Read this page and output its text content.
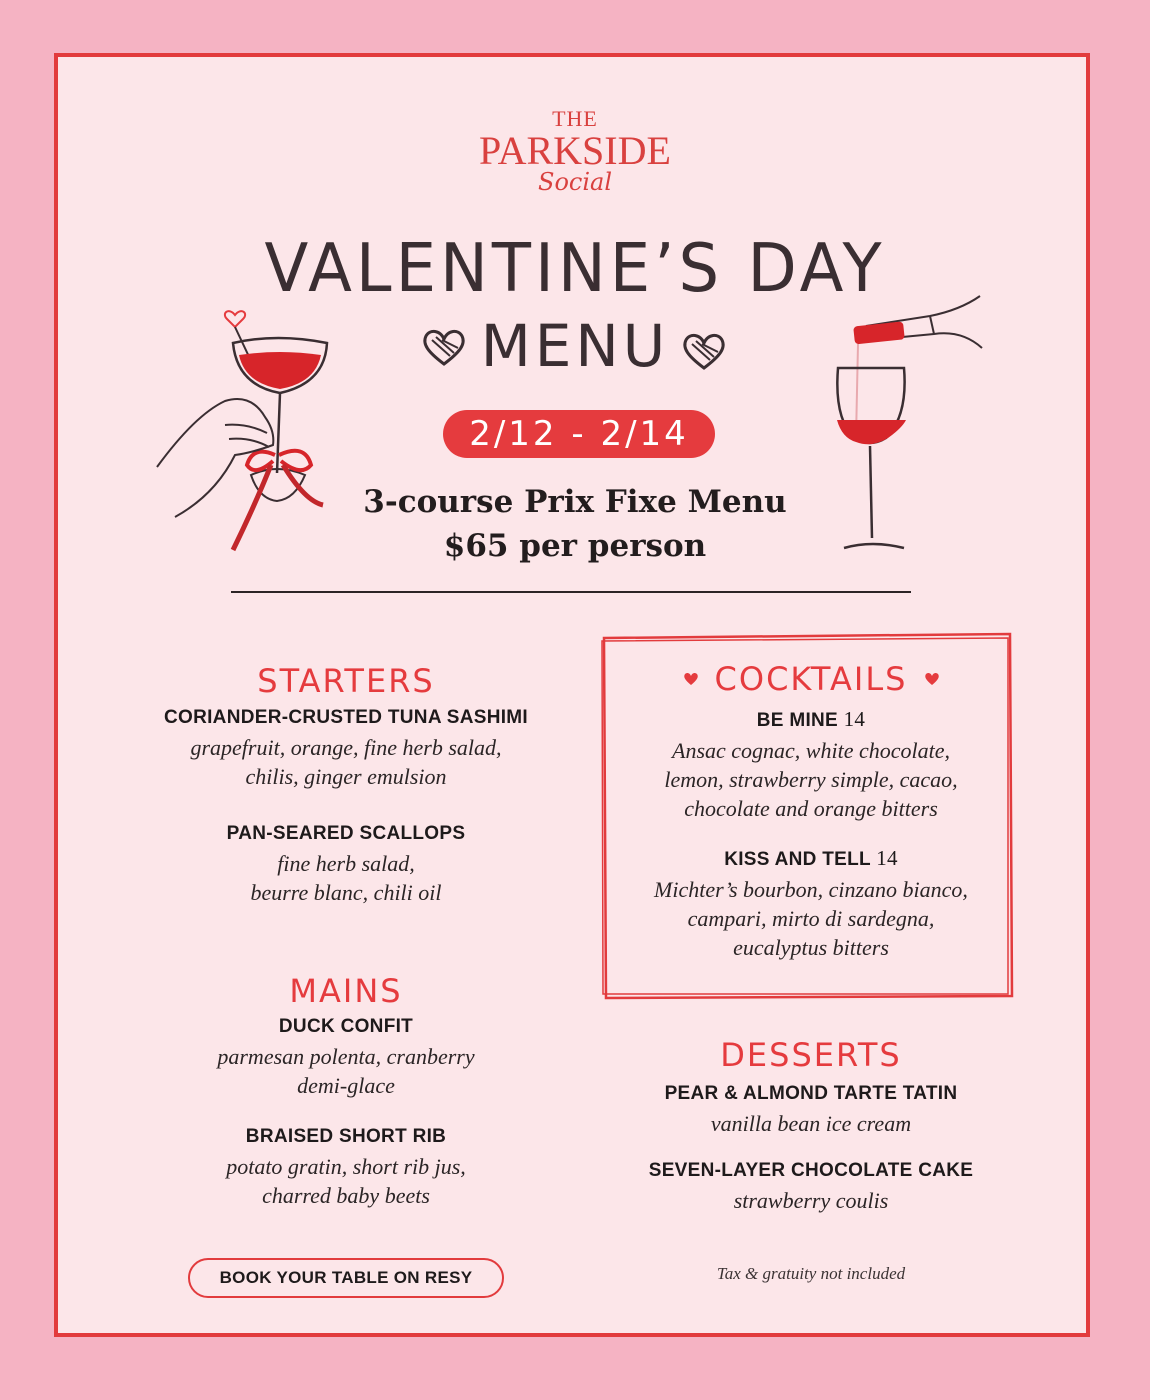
THE
PARKSIDE
Social
VALENTINE’S DAY
MENU
2/12 - 2/14
3-course Prix Fixe Menu
$65 per person
STARTERS
CORIANDER-CRUSTED TUNA SASHIMI
grapefruit, orange, fine herb salad,
chilis, ginger emulsion
PAN-SEARED SCALLOPS
fine herb salad,
beurre blanc, chili oil
MAINS
DUCK CONFIT
parmesan polenta, cranberry
demi-glace
BRAISED SHORT RIB
potato gratin, short rib jus,
charred baby beets
COCKTAILS
BE MINE 14
Ansac cognac, white chocolate,
lemon, strawberry simple, cacao,
chocolate and orange bitters
KISS AND TELL 14
Michter’s bourbon, cinzano bianco,
campari, mirto di sardegna,
eucalyptus bitters
DESSERTS
PEAR & ALMOND TARTE TATIN
vanilla bean ice cream
SEVEN-LAYER CHOCOLATE CAKE
strawberry coulis
BOOK YOUR TABLE ON RESY	Tax & gratuity not included
